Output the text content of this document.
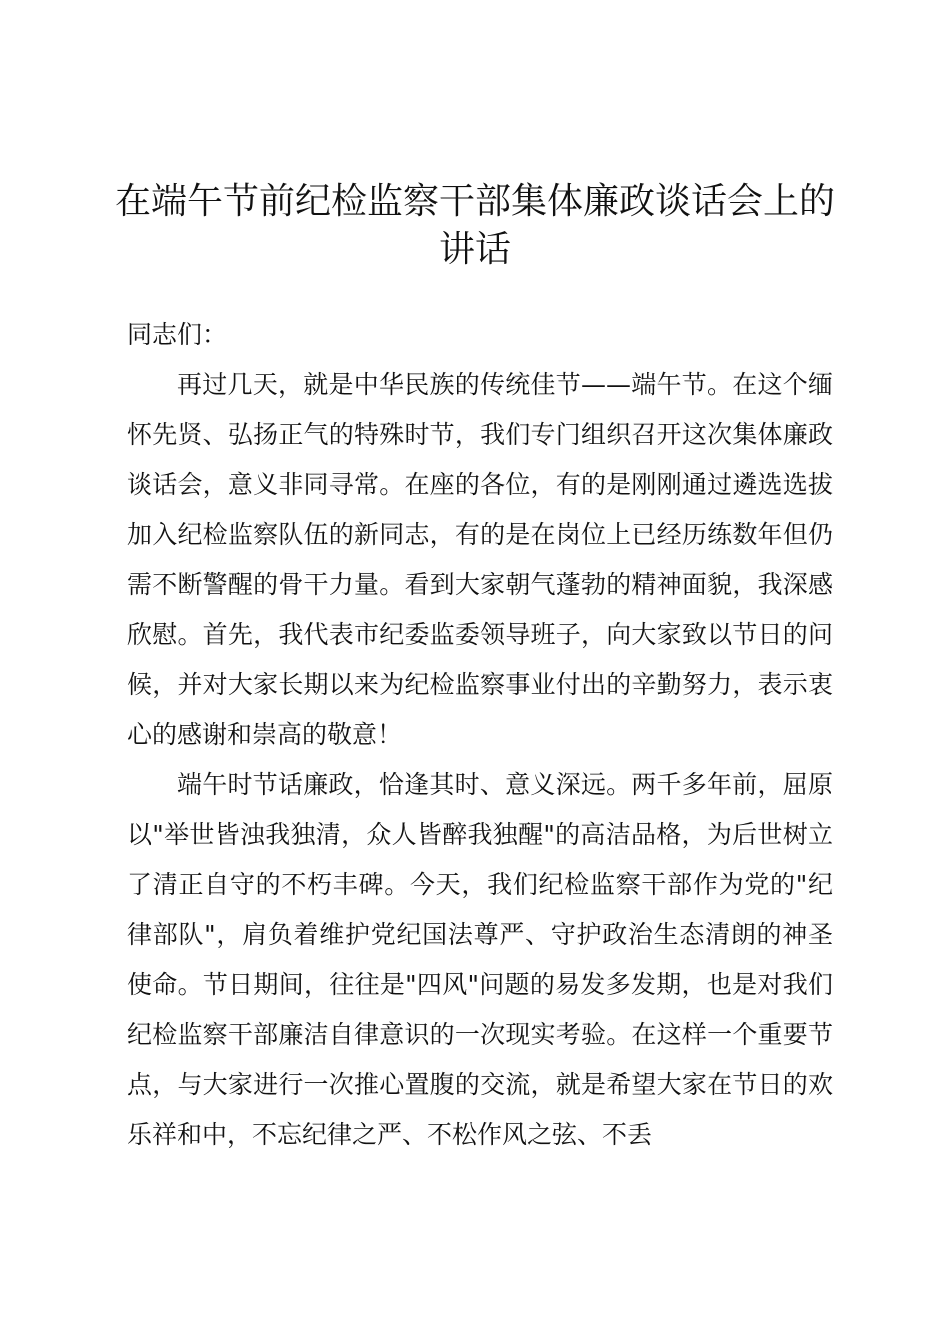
在端午节前纪检监察干部集体廉政谈话会上的讲话

同志们：

再过几天，就是中华民族的传统佳节——端午节。在这个缅怀先贤、弘扬正气的特殊时节，我们专门组织召开这次集体廉政谈话会，意义非同寻常。在座的各位，有的是刚刚通过遴选选拔加入纪检监察队伍的新同志，有的是在岗位上已经历练数年但仍需不断警醒的骨干力量。看到大家朝气蓬勃的精神面貌，我深感欣慰。首先，我代表市纪委监委领导班子，向大家致以节日的问候，并对大家长期以来为纪检监察事业付出的辛勤努力，表示衷心的感谢和崇高的敬意！

端午时节话廉政，恰逢其时、意义深远。两千多年前，屈原以"举世皆浊我独清，众人皆醉我独醒"的高洁品格，为后世树立了清正自守的不朽丰碑。今天，我们纪检监察干部作为党的"纪律部队"，肩负着维护党纪国法尊严、守护政治生态清朗的神圣使命。节日期间，往往是"四风"问题的易发多发期，也是对我们纪检监察干部廉洁自律意识的一次现实考验。在这样一个重要节点，与大家进行一次推心置腹的交流，就是希望大家在节日的欢乐祥和中，不忘纪律之严、不松作风之弦、不丢
